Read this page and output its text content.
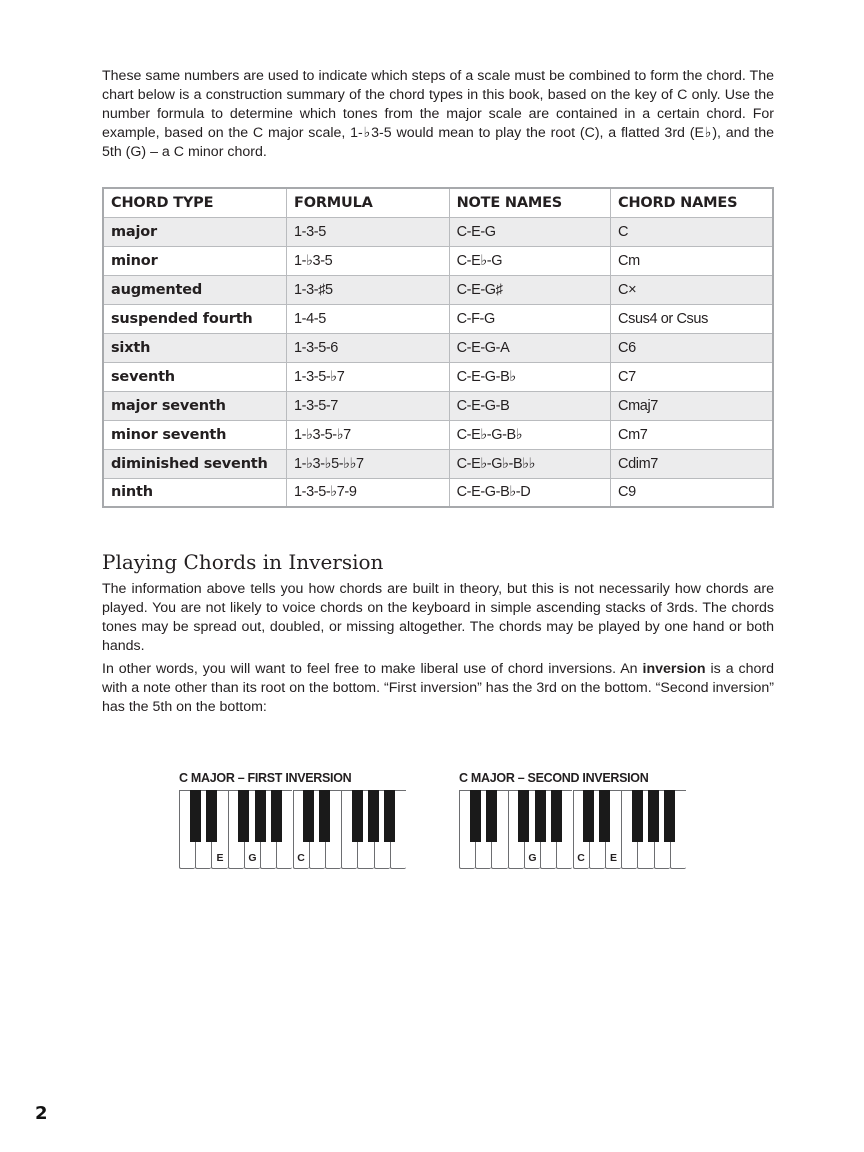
These same numbers are used to indicate which steps of a scale must be combined to form the chord. The chart below is a construction summary of the chord types in this book, based on the key of C only. Use the number formula to determine which tones from the major scale are contained in a certain chord. For example, based on the C major scale, 1-♭3-5 would mean to play the root (C), a flatted 3rd (E♭), and the 5th (G) – a C minor chord.

CHORD TYPE	FORMULA	NOTE NAMES	CHORD NAMES
major	1-3-5	C-E-G	C
minor	1-♭3-5	C-E♭-G	Cm
augmented	1-3-♯5	C-E-G♯	C×
suspended fourth	1-4-5	C-F-G	Csus4 or Csus
sixth	1-3-5-6	C-E-G-A	C6
seventh	1-3-5-♭7	C-E-G-B♭	C7
major seventh	1-3-5-7	C-E-G-B	Cmaj7
minor seventh	1-♭3-5-♭7	C-E♭-G-B♭	Cm7
diminished seventh	1-♭3-♭5-♭♭7	C-E♭-G♭-B♭♭	Cdim7
ninth	1-3-5-♭7-9	C-E-G-B♭-D	C9
Playing Chords in Inversion

The information above tells you how chords are built in theory, but this is not necessarily how chords are played. You are not likely to voice chords on the keyboard in simple ascending stacks of 3rds. The chords tones may be spread out, doubled, or missing altogether. The chords may be played by one hand or both hands.

In other words, you will want to feel free to make liberal use of chord inversions. An inversion is a chord with a note other than its root on the bottom. “First inversion” has the 3rd on the bottom. “Second inversion” has the 5th on the bottom:

C MAJOR – FIRST INVERSION
E	G	C
C MAJOR – SECOND INVERSION
G	C	E
2
